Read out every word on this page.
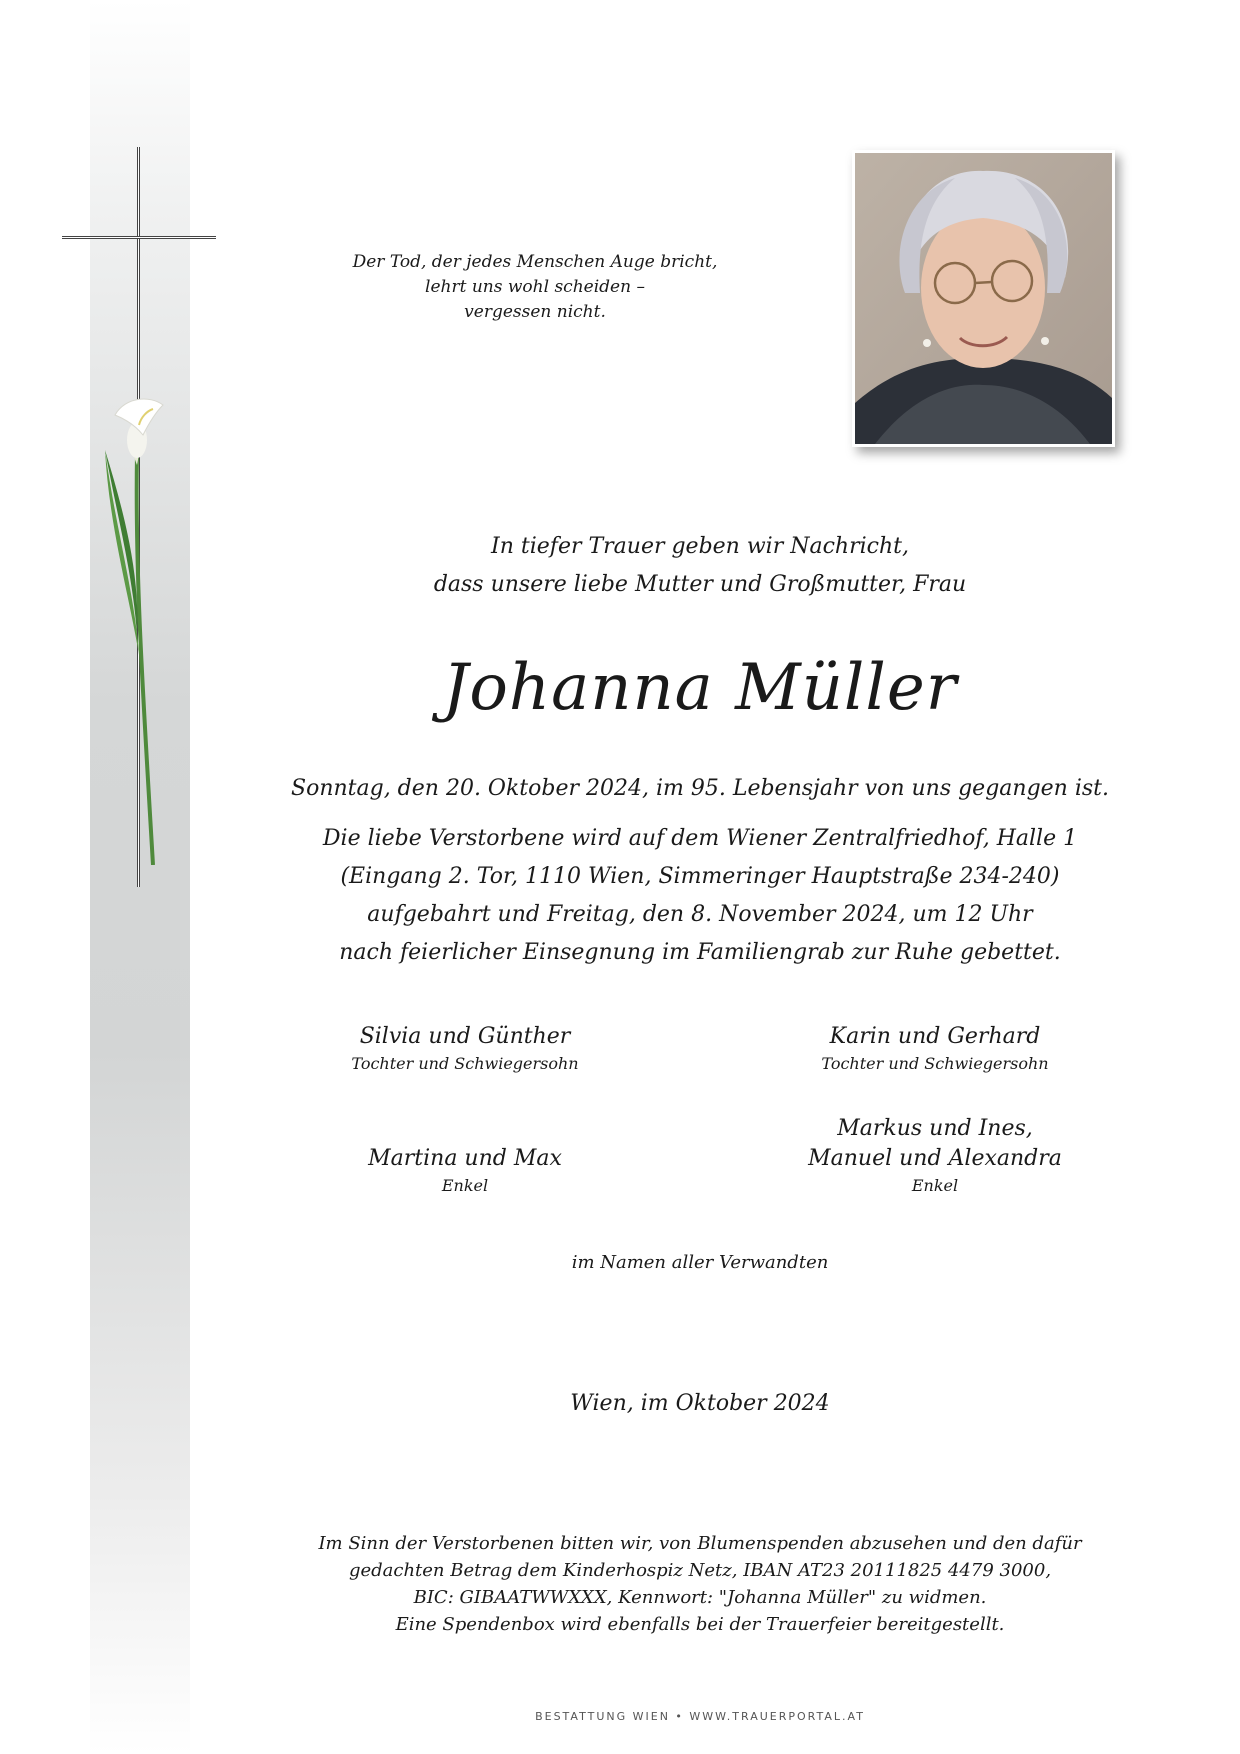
Der Tod, der jedes Menschen Auge bricht,
lehrt uns wohl scheiden –
vergessen nicht.
In tiefer Trauer geben wir Nachricht,
dass unsere liebe Mutter und Großmutter, Frau
Johanna Müller
Sonntag, den 20. Oktober 2024, im 95. Lebensjahr von uns gegangen ist.
Die liebe Verstorbene wird auf dem Wiener Zentralfriedhof, Halle 1
(Eingang 2. Tor, 1110 Wien, Simmeringer Hauptstraße 234-240)
aufgebahrt und Freitag, den 8. November 2024, um 12 Uhr
nach feierlicher Einsegnung im Familiengrab zur Ruhe gebettet.
Silvia und Günther
Tochter und Schwiegersohn
Karin und Gerhard
Tochter und Schwiegersohn
Martina und Max
Enkel
Markus und Ines,
Manuel und Alexandra
Enkel
im Namen aller Verwandten
Wien, im Oktober 2024
Im Sinn der Verstorbenen bitten wir, von Blumenspenden abzusehen und den dafür
gedachten Betrag dem Kinderhospiz Netz, IBAN AT23 20111825 4479 3000,
BIC: GIBAATWWXXX, Kennwort: "Johanna Müller" zu widmen.
Eine Spendenbox wird ebenfalls bei der Trauerfeier bereitgestellt.
BESTATTUNG WIEN • WWW.TRAUERPORTAL.AT
